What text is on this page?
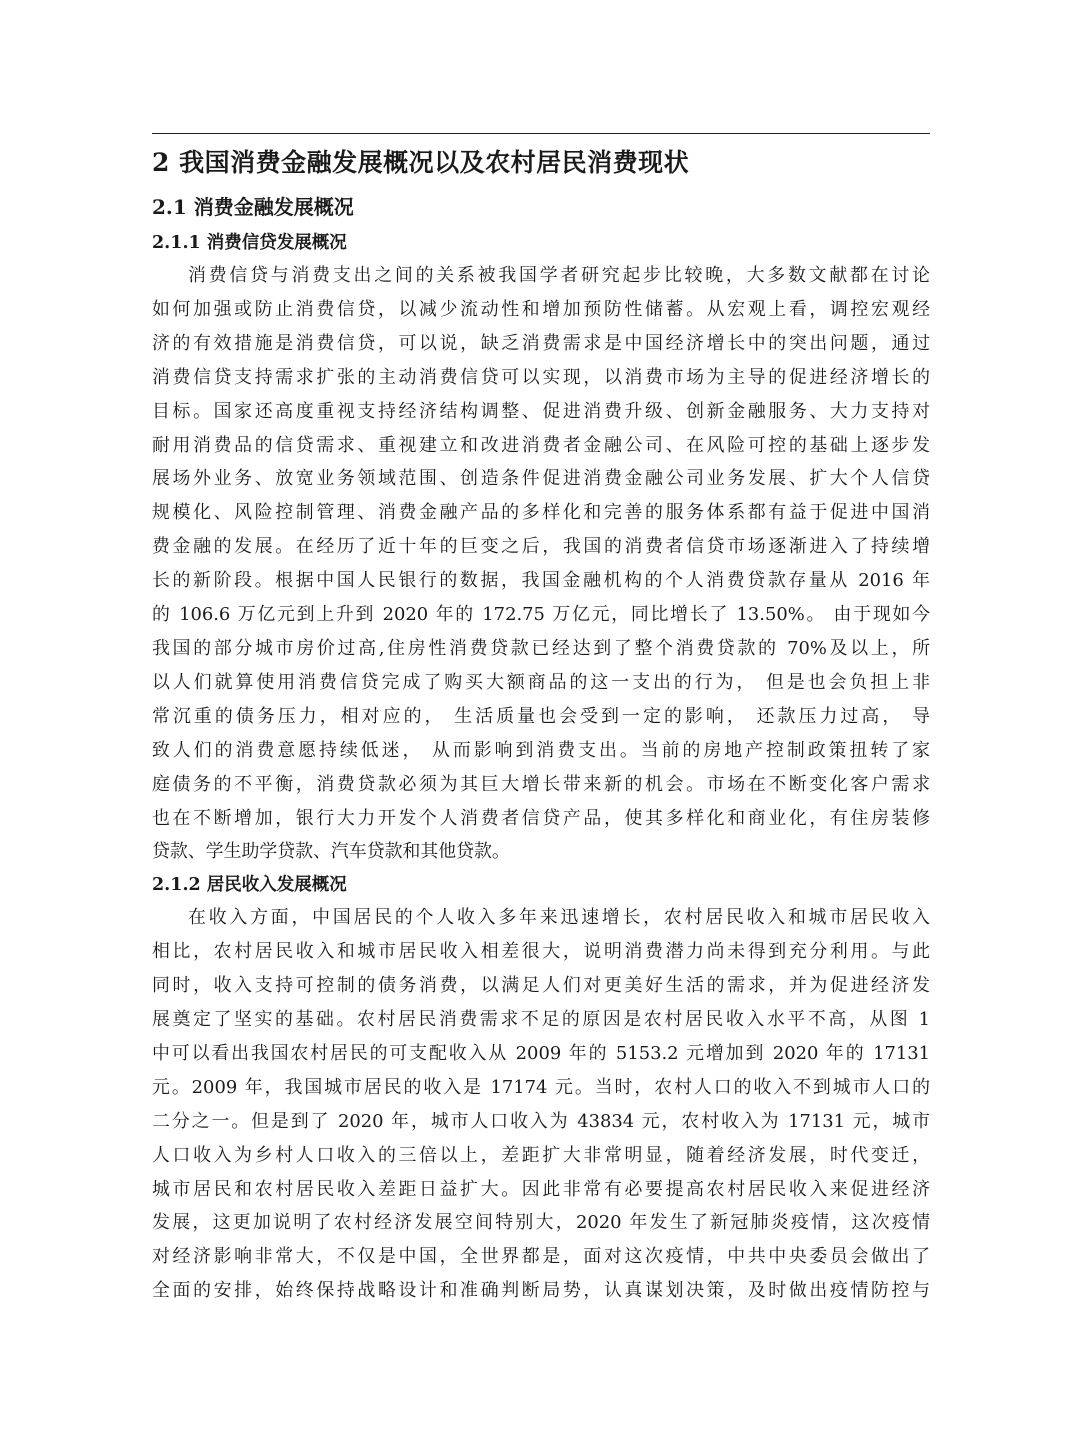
2 我国消费金融发展概况以及农村居民消费现状
2.1 消费金融发展概况
2.1.1 消费信贷发展概况

消费信贷与消费支出之间的关系被我国学者研究起步比较晚，大多数文献都在讨论
如何加强或防止消费信贷，以减少流动性和增加预防性储蓄。从宏观上看，调控宏观经
济的有效措施是消费信贷，可以说，缺乏消费需求是中国经济增长中的突出问题，通过
消费信贷支持需求扩张的主动消费信贷可以实现，以消费市场为主导的促进经济增长的
目标。国家还高度重视支持经济结构调整、促进消费升级、创新金融服务、大力支持对
耐用消费品的信贷需求、重视建立和改进消费者金融公司、在风险可控的基础上逐步发
展场外业务、放宽业务领域范围、创造条件促进消费金融公司业务发展、扩大个人信贷
规模化、风险控制管理、消费金融产品的多样化和完善的服务体系都有益于促进中国消
费金融的发展。在经历了近十年的巨变之后，我国的消费者信贷市场逐渐进入了持续增
长的新阶段。根据中国人民银行的数据，我国金融机构的个人消费贷款存量从 2016 年
的 106.6 万亿元到上升到 2020 年的 172.75 万亿元，同比增长了 13.50%。 由于现如今
我国的部分城市房价过高,住房性消费贷款已经达到了整个消费贷款的 70%及以上，所
以人们就算使用消费信贷完成了购买大额商品的这一支出的行为， 但是也会负担上非
常沉重的债务压力，相对应的， 生活质量也会受到一定的影响， 还款压力过高， 导
致人们的消费意愿持续低迷， 从而影响到消费支出。当前的房地产控制政策扭转了家
庭债务的不平衡，消费贷款必须为其巨大增长带来新的机会。市场在不断变化客户需求
也在不断增加，银行大力开发个人消费者信贷产品，使其多样化和商业化，有住房装修
贷款、学生助学贷款、汽车贷款和其他贷款。

2.1.2 居民收入发展概况

在收入方面，中国居民的个人收入多年来迅速增长，农村居民收入和城市居民收入
相比，农村居民收入和城市居民收入相差很大，说明消费潜力尚未得到充分利用。与此
同时，收入支持可控制的债务消费，以满足人们对更美好生活的需求，并为促进经济发
展奠定了坚实的基础。农村居民消费需求不足的原因是农村居民收入水平不高，从图 1
中可以看出我国农村居民的可支配收入从 2009 年的 5153.2 元增加到 2020 年的 17131
元。2009 年，我国城市居民的收入是 17174 元。当时，农村人口的收入不到城市人口的
二分之一。但是到了 2020 年，城市人口收入为 43834 元，农村收入为 17131 元，城市
人口收入为乡村人口收入的三倍以上，差距扩大非常明显，随着经济发展，时代变迁，
城市居民和农村居民收入差距日益扩大。因此非常有必要提高农村居民收入来促进经济
发展，这更加说明了农村经济发展空间特别大，2020 年发生了新冠肺炎疫情，这次疫情
对经济影响非常大，不仅是中国，全世界都是，面对这次疫情，中共中央委员会做出了
全面的安排，始终保持战略设计和准确判断局势，认真谋划决策，及时做出疫情防控与
